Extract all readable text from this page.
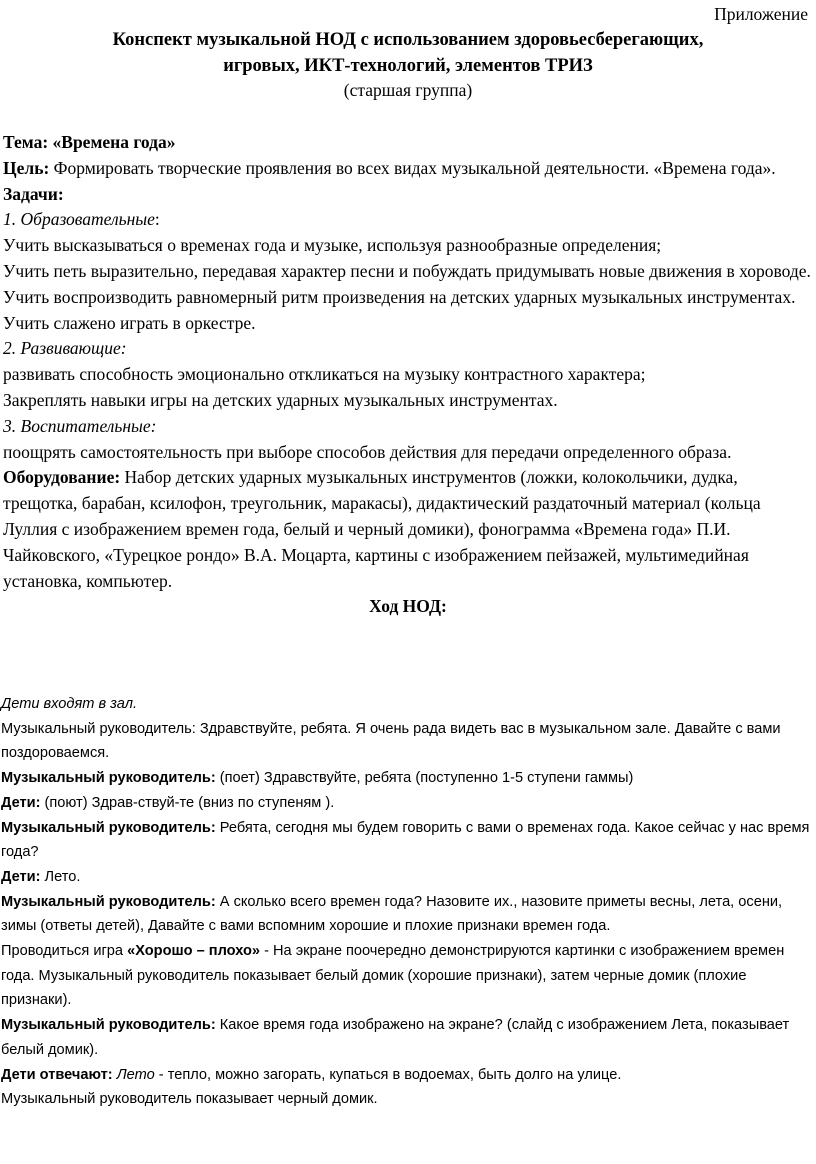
Приложение
Конспект музыкальной НОД с использованием здоровьесберегающих,
игровых, ИКТ-технологий, элементов ТРИЗ
(старшая группа)

Тема: «Времена года»

Цель: Формировать творческие проявления во всех видах музыкальной деятельности. «Времена года».

Задачи:

1. Образовательные:

Учить высказываться о временах года и музыке, используя разнообразные определения;

Учить петь выразительно, передавая характер песни и побуждать придумывать новые движения в хороводе.

Учить воспроизводить равномерный ритм произведения на детских ударных музыкальных инструментах.

Учить слажено играть в оркестре.

2. Развивающие:

развивать способность эмоционально откликаться на музыку контрастного характера;

Закреплять навыки игры на детских ударных музыкальных инструментах.

3. Воспитательные:

поощрять самостоятельность при выборе способов действия для передачи определенного образа.

Оборудование: Набор детских ударных музыкальных инструментов (ложки, колокольчики, дудка, трещотка, барабан, ксилофон, треугольник, маракасы), дидактический раздаточный материал (кольца Луллия с изображением времен года, белый и черный домики), фонограмма «Времена года» П.И. Чайковского, «Турецкое рондо» В.А. Моцарта, картины с изображением пейзажей, мультимедийная установка, компьютер.

Ход НОД:

Дети входят в зал.

Музыкальный руководитель: Здравствуйте, ребята. Я очень рада видеть вас в музыкальном зале. Давайте с вами поздороваемся.

Музыкальный руководитель: (поет) Здравствуйте, ребята (поступенно 1-5 ступени гаммы)

Дети: (поют) Здрав-ствуй-те (вниз по ступеням ).

Музыкальный руководитель: Ребята, сегодня мы будем говорить с вами о временах года. Какое сейчас у нас время года?

Дети: Лето.

Музыкальный руководитель: А сколько всего времен года? Назовите их., назовите приметы весны, лета, осени, зимы (ответы детей), Давайте с вами вспомним хорошие и плохие признаки времен года.

Проводиться игра «Хорошо – плохо» - На экране поочередно демонстрируются картинки с изображением времен года. Музыкальный руководитель показывает белый домик (хорошие признаки), затем черные домик (плохие признаки).

Музыкальный руководитель: Какое время года изображено на экране? (слайд с изображением Лета, показывает белый домик).

Дети отвечают: Лето - тепло, можно загорать, купаться в водоемах, быть долго на улице.

Музыкальный руководитель показывает черный домик.
